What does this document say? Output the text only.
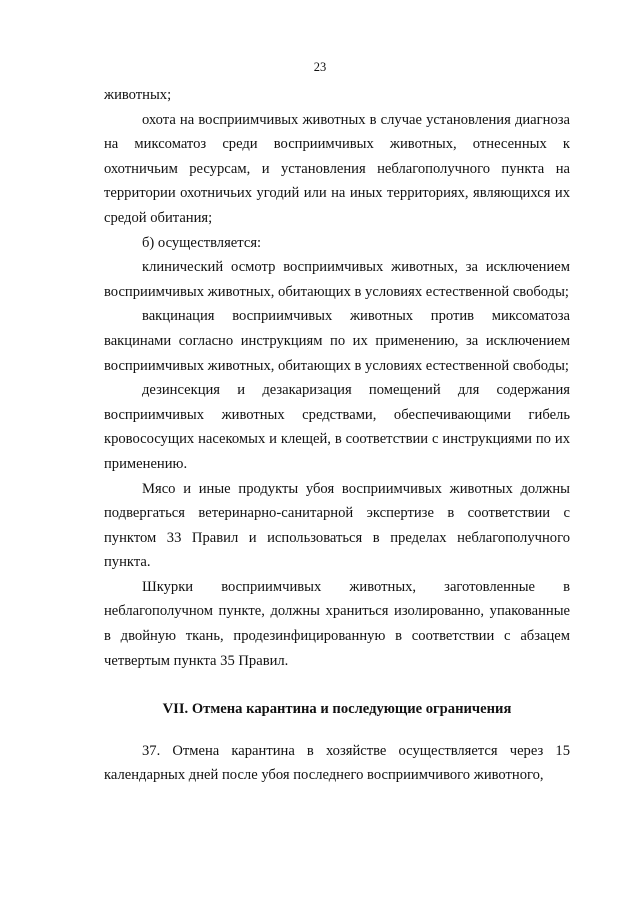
23

животных;

охота на восприимчивых животных в случае установления диагноза на миксоматоз среди восприимчивых животных, отнесенных к охотничьим ресурсам, и установления неблагополучного пункта на территории охотничьих угодий или на иных территориях, являющихся их средой обитания;

б) осуществляется:

клинический осмотр восприимчивых животных, за исключением восприимчивых животных, обитающих в условиях естественной свободы;

вакцинация восприимчивых животных против миксоматоза вакцинами согласно инструкциям по их применению, за исключением восприимчивых животных, обитающих в условиях естественной свободы;

дезинсекция и дезакаризация помещений для содержания восприимчивых животных средствами, обеспечивающими гибель кровососущих насекомых и клещей, в соответствии с инструкциями по их применению.

Мясо и иные продукты убоя восприимчивых животных должны подвергаться ветеринарно-санитарной экспертизе в соответствии с пунктом 33 Правил и использоваться в пределах неблагополучного пункта.

Шкурки восприимчивых животных, заготовленные в неблагополучном пункте, должны храниться изолированно, упакованные в двойную ткань, продезинфицированную в соответствии с абзацем четвертым пункта 35 Правил.

VII. Отмена карантина и последующие ограничения

37. Отмена карантина в хозяйстве осуществляется через 15 календарных дней после убоя последнего восприимчивого животного,
